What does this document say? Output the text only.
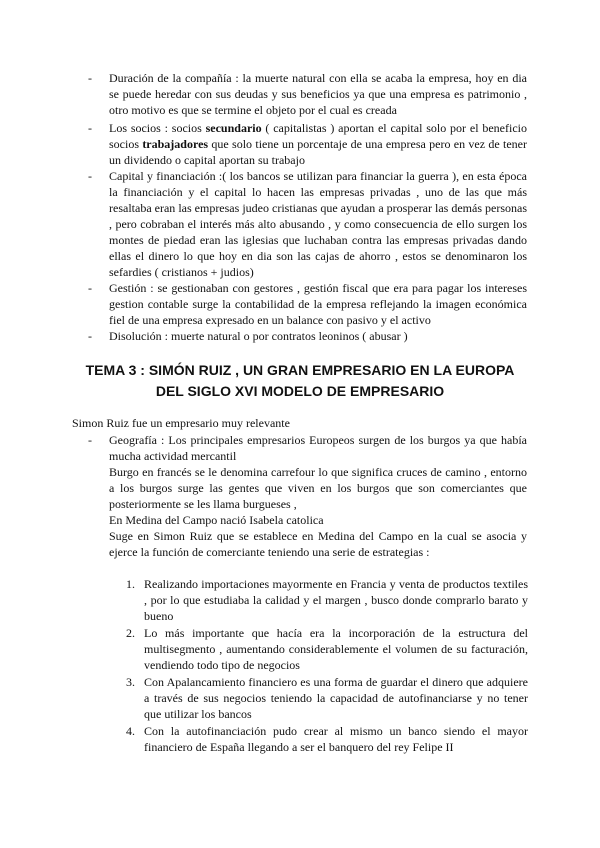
-	Duración de la compañía : la muerte natural con ella se acaba la empresa, hoy en dia se puede heredar con sus deudas y sus beneficios ya que una empresa es patrimonio , otro motivo es que se termine el objeto por el cual es creada

-	Los socios : socios secundario ( capitalistas ) aportan el capital solo por el beneficio socios trabajadores que solo tiene un porcentaje de una empresa pero en vez de tener un dividendo o capital aportan su trabajo

-	Capital y financiación :( los bancos se utilizan para financiar la guerra ), en esta época la financiación y el capital lo hacen las empresas privadas , uno de las que más resaltaba eran las empresas judeo cristianas que ayudan a prosperar las demás personas , pero cobraban el interés más alto abusando , y como consecuencia de ello surgen los montes de piedad eran las iglesias que luchaban contra las empresas privadas dando ellas el dinero lo que hoy en dia son las cajas de ahorro , estos se denominaron los sefardies ( cristianos + judios)

-	Gestión : se gestionaban con gestores , gestión fiscal que era para pagar los intereses gestion contable surge la contabilidad de la empresa reflejando la imagen económica fiel de una empresa expresado en un balance con pasivo y el activo

-	Disolución : muerte natural o por contratos leoninos ( abusar )

TEMA 3 : SIMÓN RUIZ , UN GRAN EMPRESARIO EN LA EUROPA

DEL SIGLO XVI MODELO DE EMPRESARIO

Simon Ruiz fue un empresario muy relevante

-	Geografía : Los principales empresarios Europeos surgen de los burgos ya que había mucha actividad mercantil

Burgo en francés se le denomina carrefour lo que significa cruces de camino , entorno a los burgos surge las gentes que viven en los burgos que son comerciantes que posteriormente se les llama burgueses ,

En Medina del Campo nació Isabela catolica

Suge en Simon Ruiz que se establece en Medina del Campo en la cual se asocia y ejerce la función de comerciante teniendo una serie de estrategias :

1. Realizando importaciones mayormente en Francia y venta de productos textiles , por lo que estudiaba la calidad y el margen , busco donde comprarlo barato y bueno

2. Lo más importante que hacía era la incorporación de la estructura del multisegmento , aumentando considerablemente el volumen de su facturación, vendiendo todo tipo de negocios

3. Con Apalancamiento financiero es una forma de guardar el dinero que adquiere a través de sus negocios teniendo la capacidad de autofinanciarse y no tener que utilizar los bancos

4. Con la autofinanciación pudo crear al mismo un banco siendo el mayor financiero de España llegando a ser el banquero del rey Felipe II
